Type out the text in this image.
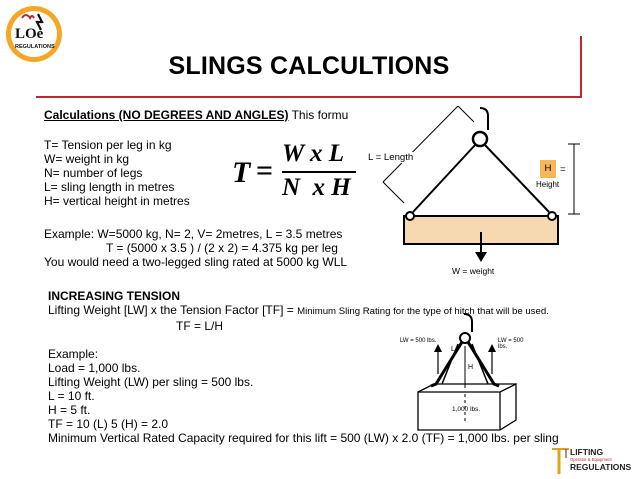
LOe
REGULATIONS
SLINGS CALCULTIONS
Calculations (NO DEGREES AND ANGLES) This formu
T= Tension per leg in kg
W= weight in kg
N= number of legs
L= sling length in metres
H= vertical height in metres
T =
W x L
N  x H
Example: W=5000 kg, N= 2, V= 2metres, L = 3.5 metres
T = (5000 x 3.5 ) / (2 x 2) = 4.375 kg per leg
You would need a two-legged sling rated at 5000 kg WLL
L = Length
H =
Height
W = weight
INCREASING TENSION
Lifting Weight [LW] x the Tension Factor [TF] = Minimum Sling Rating for the type of hitch that will be used.
TF = L/H
Example:
Load = 1,000 lbs.
Lifting Weight (LW) per sling = 500 lbs.
L = 10 ft.
H = 5 ft.
TF = 10 (L) 5 (H) = 2.0
Minimum Vertical Rated Capacity required for this lift = 500 (LW) x 2.0 (TF) = 1,000 lbs. per sling
LW = 500 lbs.	LW = 500 lbs.
L
H
1,000 lbs.
LIFTING
Operator & Equipment
REGULATIONS
